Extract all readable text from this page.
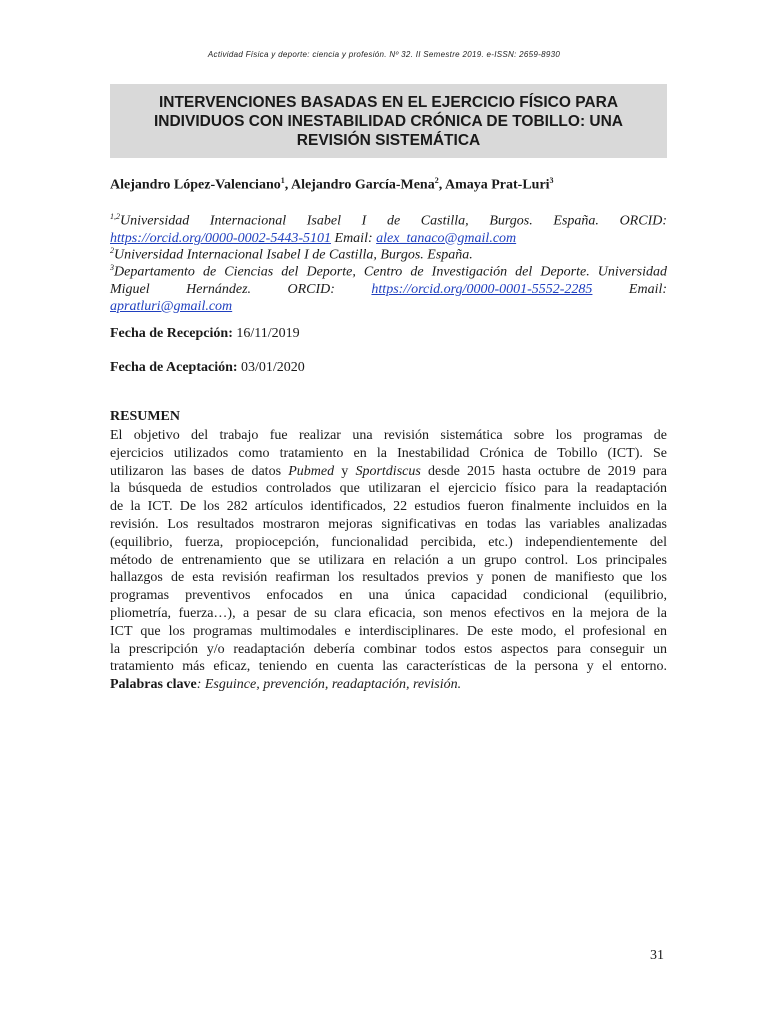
Actividad Física y deporte: ciencia y profesión. Nº 32. II Semestre 2019. e-ISSN: 2659-8930

INTERVENCIONES BASADAS EN EL EJERCICIO FÍSICO PARA
INDIVIDUOS CON INESTABILIDAD CRÓNICA DE TOBILLO: UNA
REVISIÓN SISTEMÁTICA

Alejandro López-Valenciano$^1$, Alejandro García-Mena$^2$, Amaya Prat-Luri$^3$

$^{1,2}$Universidad Internacional Isabel I de Castilla, Burgos. España. ORCID:
https://orcid.org/0000-0002-5443-5101 Email: alex_tanaco@gmail.com
$^2$Universidad Internacional Isabel I de Castilla, Burgos. España.
$^3$Departamento de Ciencias del Deporte, Centro de Investigación del Deporte. Universidad
Miguel Hernández. ORCID:	https://orcid.org/0000-0001-5552-2285	Email:
apratluri@gmail.com

Fecha de Recepción: 16/11/2019

Fecha de Aceptación: 03/01/2020

RESUMEN

El objetivo del trabajo fue realizar una revisión sistemática sobre los programas de
ejercicios utilizados como tratamiento en la Inestabilidad Crónica de Tobillo (ICT). Se
utilizaron las bases de datos Pubmed y Sportdiscus desde 2015 hasta octubre de 2019 para
la búsqueda de estudios controlados que utilizaran el ejercicio físico para la readaptación
de la ICT. De los 282 artículos identificados, 22 estudios fueron finalmente incluidos en la
revisión. Los resultados mostraron mejoras significativas en todas las variables analizadas
(equilibrio, fuerza, propiocepción, funcionalidad percibida, etc.) independientemente del
método de entrenamiento que se utilizara en relación a un grupo control. Los principales
hallazgos de esta revisión reafirman los resultados previos y ponen de manifiesto que los
programas preventivos enfocados en una única capacidad condicional (equilibrio,
pliometría, fuerza…), a pesar de su clara eficacia, son menos efectivos en la mejora de la
ICT que los programas multimodales e interdisciplinares. De este modo, el profesional en
la prescripción y/o readaptación debería combinar todos estos aspectos para conseguir un
tratamiento más eficaz, teniendo en cuenta las características de la persona y el entorno.
Palabras clave: Esguince, prevención, readaptación, revisión.

31
